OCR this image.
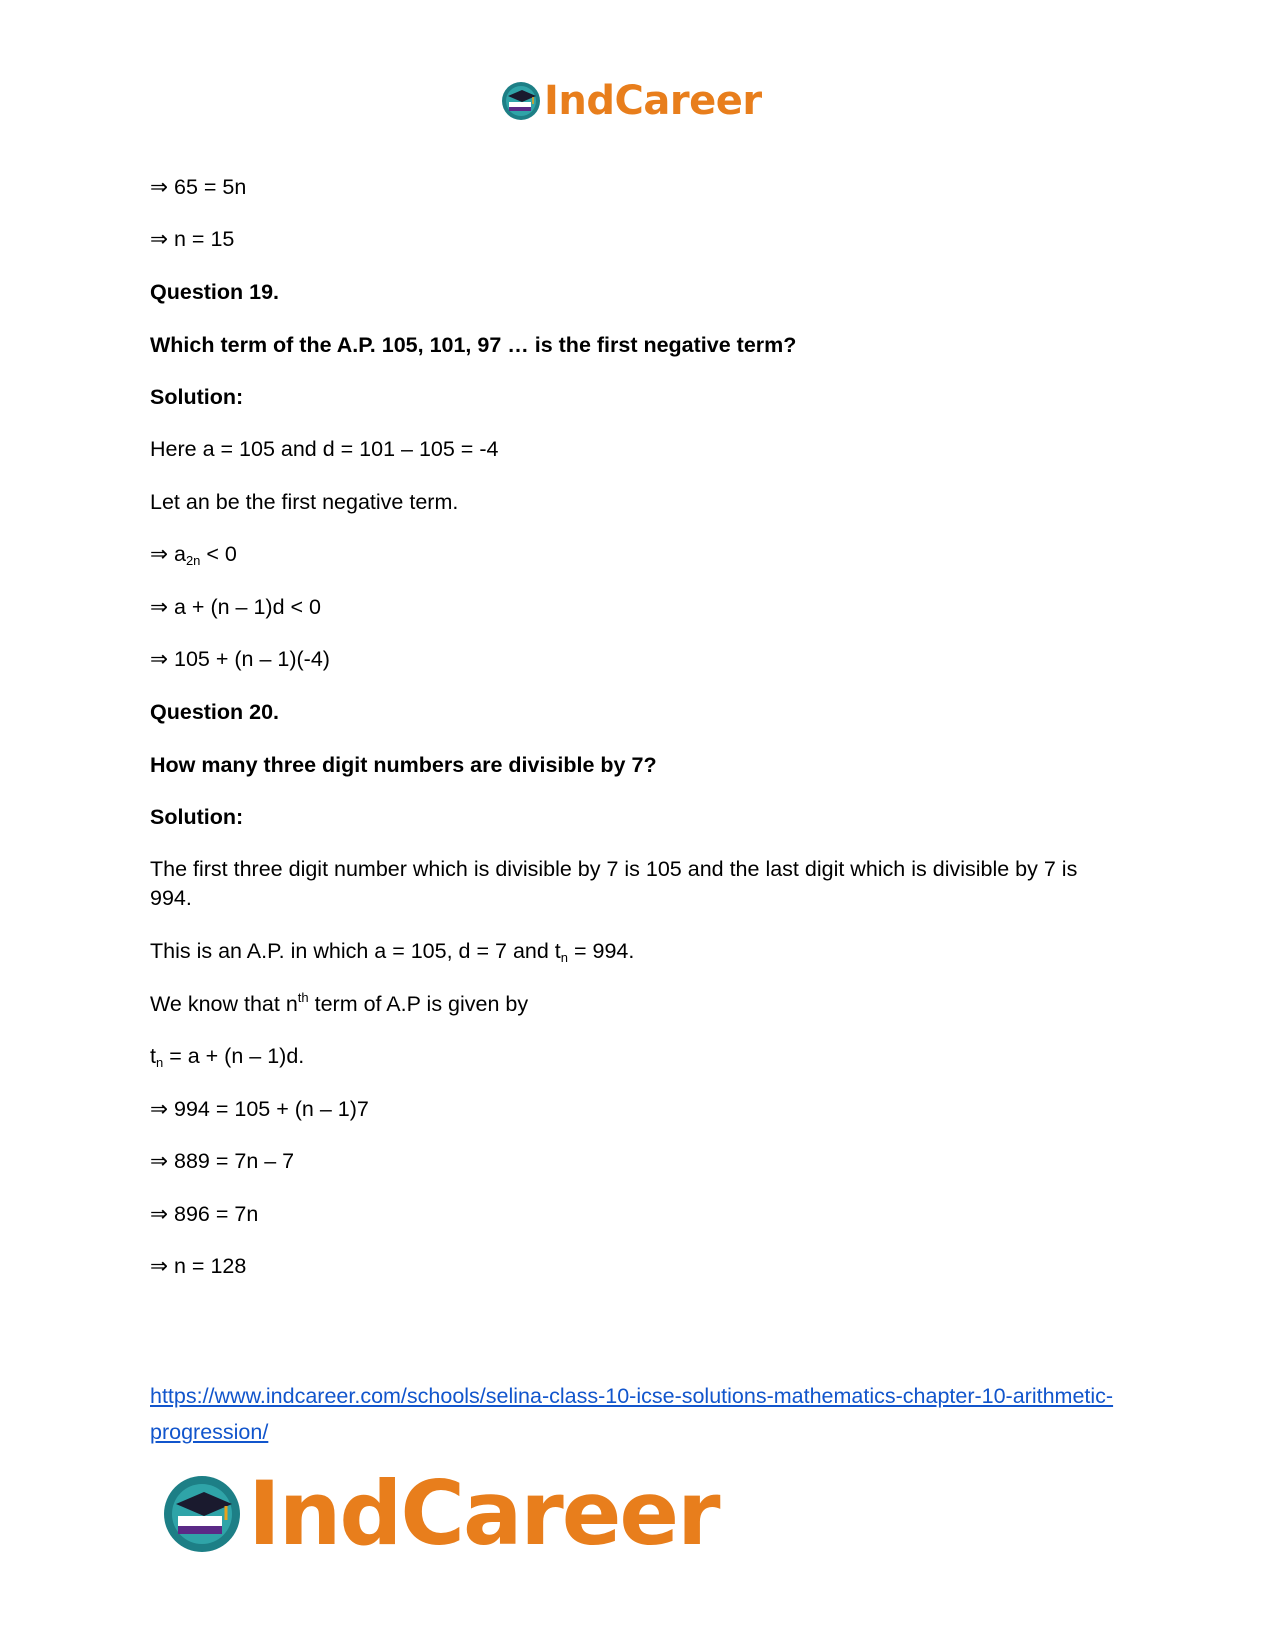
IndCareer
⇒ 65 = 5n
⇒ n = 15
Question 19.
Which term of the A.P. 105, 101, 97 … is the first negative term?
Solution:
Here a = 105 and d = 101 – 105 = -4
Let an be the first negative term.
⇒ $a_{2n} < 0$
⇒ a + (n – 1)d < 0
⇒ 105 + (n – 1)(-4)
Question 20.
How many three digit numbers are divisible by 7?
Solution:
The first three digit number which is divisible by 7 is 105 and the last digit which is divisible by 7 is 994.
This is an A.P. in which a = 105, d = 7 and $t_n = 994$.
We know that $n^{th}$ term of A.P is given by
$t_n = a + (n - 1)d$.
⇒ 994 = 105 + (n – 1)7
⇒ 889 = 7n – 7
⇒ 896 = 7n
⇒ n = 128
https://www.indcareer.com/schools/selina-class-10-icse-solutions-mathematics-chapter-10-arithmetic-progression/
IndCareer
